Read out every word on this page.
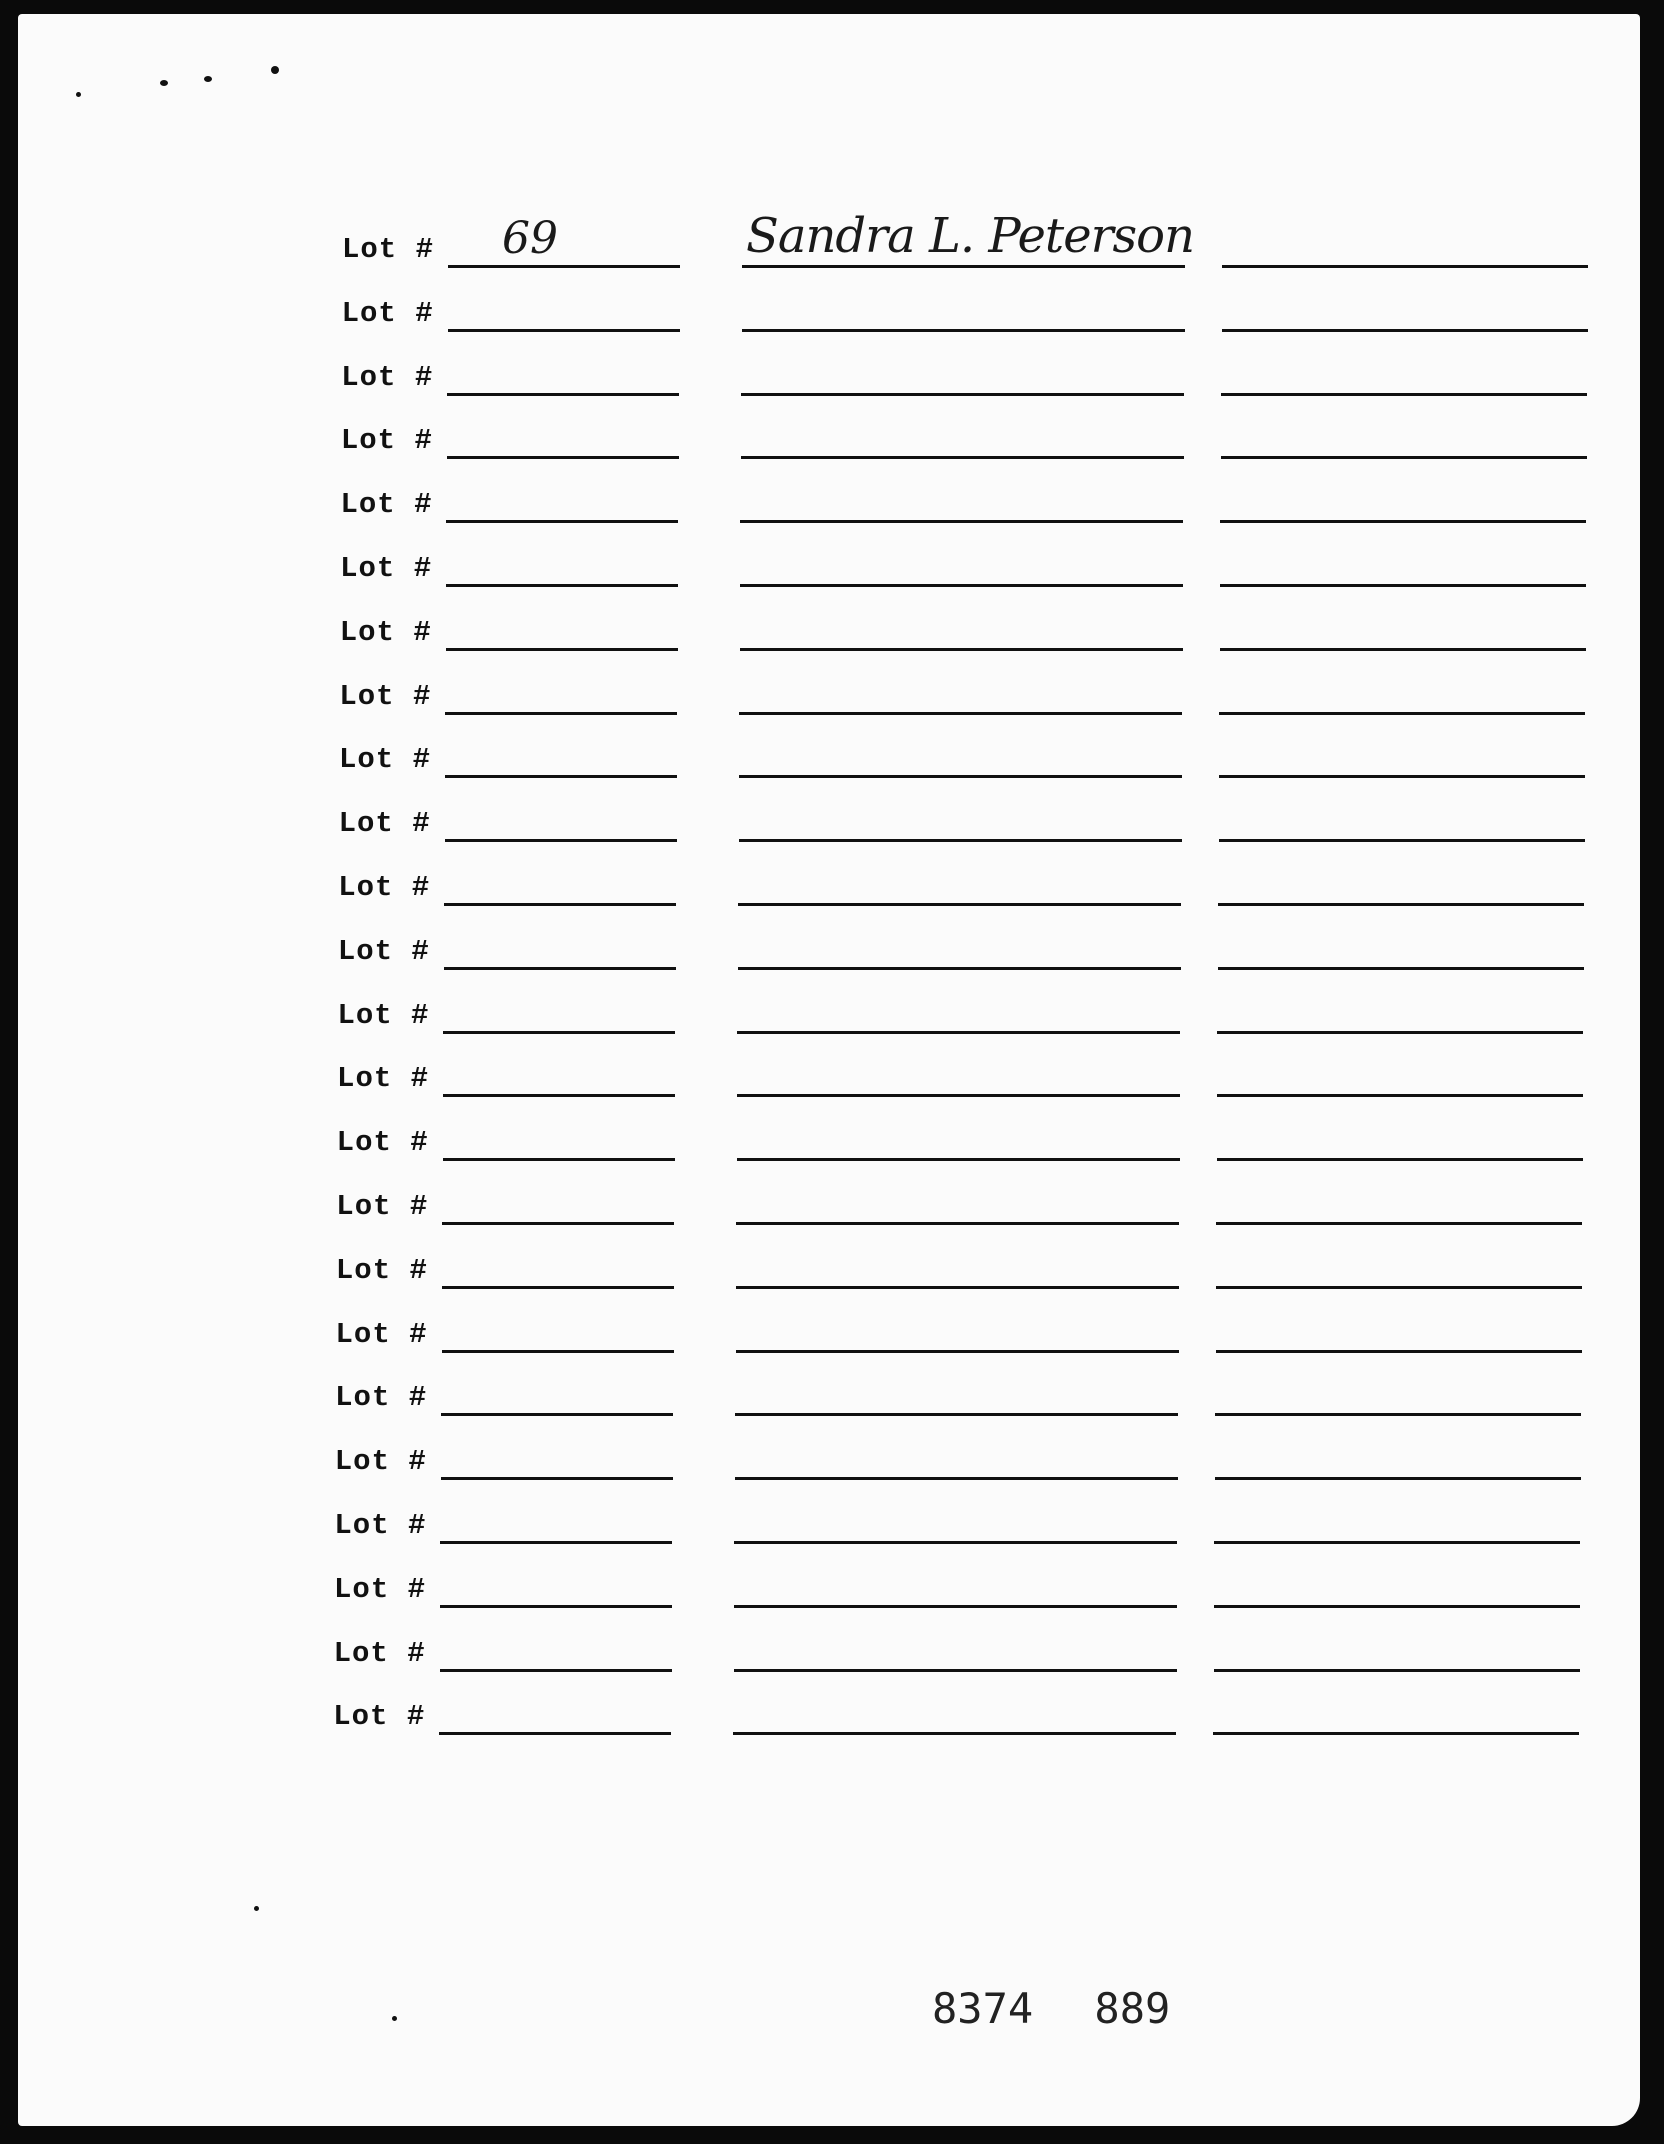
Lot # 69	Sandra L. Peterson
Lot #
Lot #
Lot #
Lot #
Lot #
Lot #
Lot #
Lot #
Lot #
Lot #
Lot #
Lot #
Lot #
Lot #
Lot #
Lot #
Lot #
Lot #
Lot #
Lot #
Lot #
Lot #
Lot #
8374 889
